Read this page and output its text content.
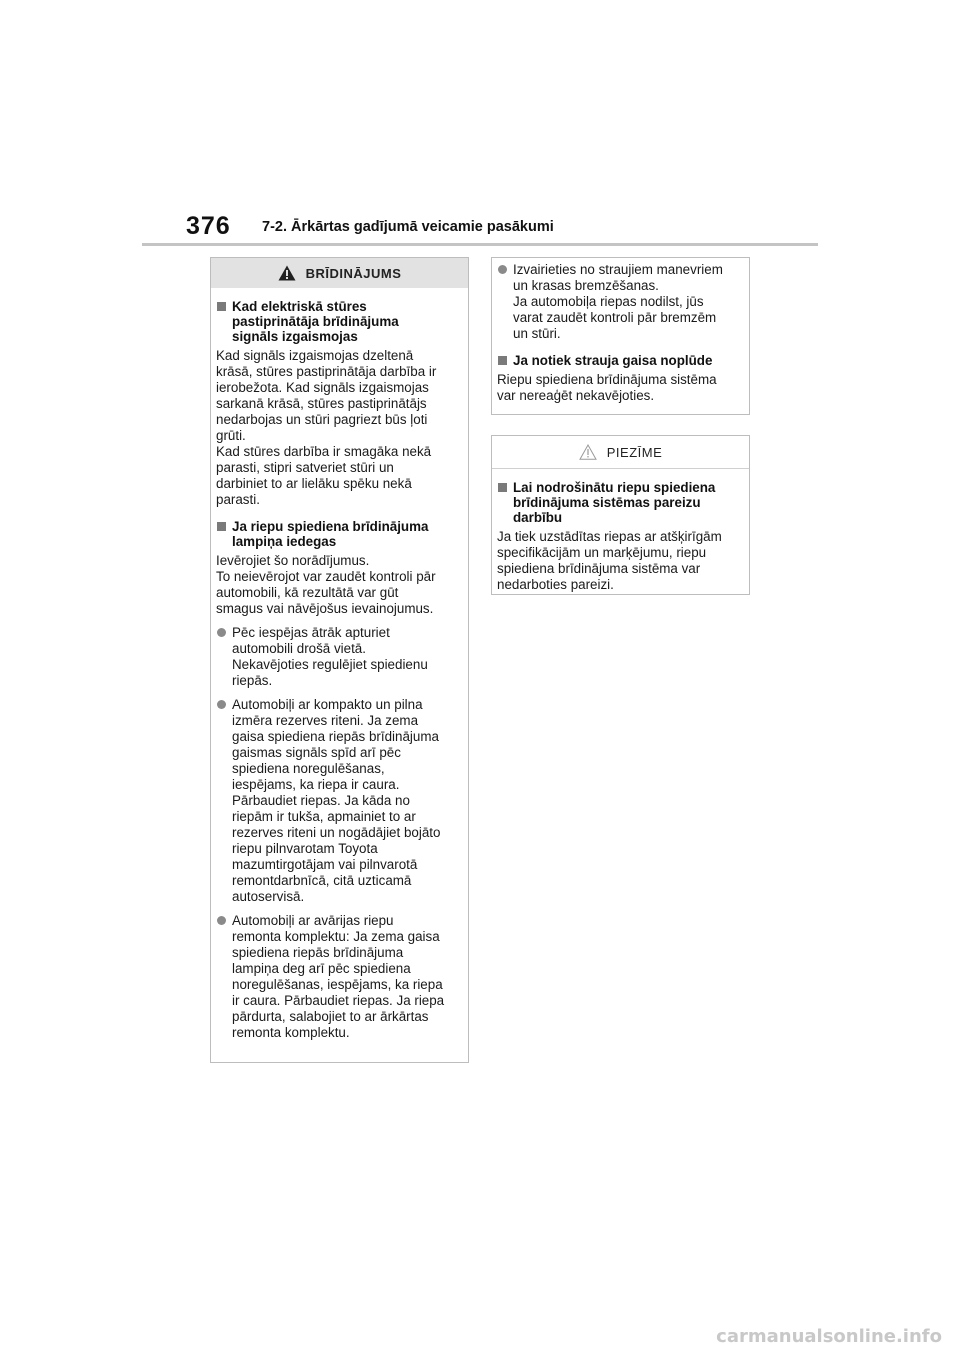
376 7-2. Ārkārtas gadījumā veicamie pasākumi
BRĪDINĀJUMS
Kad elektriskā stūres
pastiprinātāja brīdinājuma
signāls izgaismojas
Kad signāls izgaismojas dzeltenā
krāsā, stūres pastiprinātāja darbība ir
ierobežota. Kad signāls izgaismojas
sarkanā krāsā, stūres pastiprinātājs
nedarbojas un stūri pagriezt būs ļoti
grūti.
Kad stūres darbība ir smagāka nekā
parasti, stipri satveriet stūri un
darbiniet to ar lielāku spēku nekā
parasti.
Ja riepu spiediena brīdinājuma
lampiņa iedegas
Ievērojiet šo norādījumus.
To neievērojot var zaudēt kontroli pār
automobili, kā rezultātā var gūt
smagus vai nāvējošus ievainojumus.
Pēc iespējas ātrāk apturiet
automobili drošā vietā.
Nekavējoties regulējiet spiedienu
riepās.
Automobiļi ar kompakto un pilna
izmēra rezerves riteni. Ja zema
gaisa spiediena riepās brīdinājuma
gaismas signāls spīd arī pēc
spiediena noregulēšanas,
iespējams, ka riepa ir caura.
Pārbaudiet riepas. Ja kāda no
riepām ir tukša, apmainiet to ar
rezerves riteni un nogādājiet bojāto
riepu pilnvarotam Toyota
mazumtirgotājam vai pilnvarotā
remontdarbnīcā, citā uzticamā
autoservisā.
Automobiļi ar avārijas riepu
remonta komplektu: Ja zema gaisa
spiediena riepās brīdinājuma
lampiņa deg arī pēc spiediena
noregulēšanas, iespējams, ka riepa
ir caura. Pārbaudiet riepas. Ja riepa
pārdurta, salabojiet to ar ārkārtas
remonta komplektu.
Izvairieties no straujiem manevriem
un krasas bremzēšanas.
Ja automobiļa riepas nodilst, jūs
varat zaudēt kontroli pār bremzēm
un stūri.
Ja notiek strauja gaisa noplūde
Riepu spiediena brīdinājuma sistēma
var nereaģēt nekavējoties.
PIEZĪME
Lai nodrošinātu riepu spiediena
brīdinājuma sistēmas pareizu
darbību
Ja tiek uzstādītas riepas ar atšķirīgām
specifikācijām un marķējumu, riepu
spiediena brīdinājuma sistēma var
nedarboties pareizi.
carmanualsonline.info
